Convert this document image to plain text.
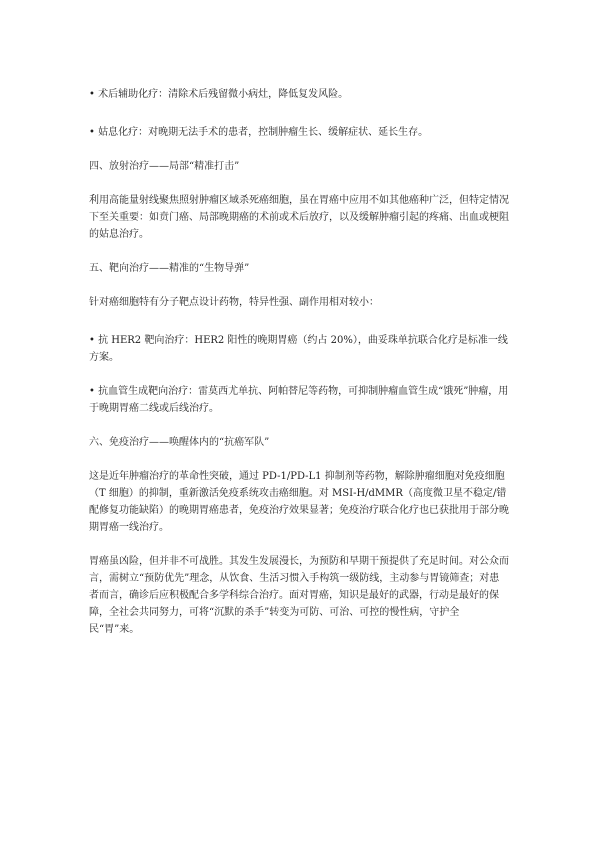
• 术后辅助化疗：清除术后残留微小病灶，降低复发风险。

• 姑息化疗：对晚期无法手术的患者，控制肿瘤生长、缓解症状、延长生存。

四、放射治疗——局部“精准打击”

利用高能量射线聚焦照射肿瘤区域杀死癌细胞，虽在胃癌中应用不如其他癌种广泛，但特定情况下至关重要：如贲门癌、局部晚期癌的术前或术后放疗，以及缓解肿瘤引起的疼痛、出血或梗阻的姑息治疗。

五、靶向治疗——精准的“生物导弹”

针对癌细胞特有分子靶点设计药物，特异性强、副作用相对较小：

• 抗 HER2 靶向治疗：HER2 阳性的晚期胃癌（约占 20%），曲妥珠单抗联合化疗是标准一线方案。

• 抗血管生成靶向治疗：雷莫西尤单抗、阿帕替尼等药物，可抑制肿瘤血管生成“饿死”肿瘤，用于晚期胃癌二线或后线治疗。

六、免疫治疗——唤醒体内的“抗癌军队”

这是近年肿瘤治疗的革命性突破，通过 PD-1/PD-L1 抑制剂等药物，解除肿瘤细胞对免疫细胞（T 细胞）的抑制，重新激活免疫系统攻击癌细胞。对 MSI-H/dMMR（高度微卫星不稳定/错配修复功能缺陷）的晚期胃癌患者，免疫治疗效果显著；免疫治疗联合化疗也已获批用于部分晚期胃癌一线治疗。

胃癌虽凶险，但并非不可战胜。其发生发展漫长，为预防和早期干预提供了充足时间。对公众而言，需树立“预防优先”理念，从饮食、生活习惯入手构筑一级防线，主动参与胃镜筛查；对患者而言，确诊后应积极配合多学科综合治疗。面对胃癌，知识是最好的武器，行动是最好的保障，全社会共同努力，可将“沉默的杀手”转变为可防、可治、可控的慢性病，守护全民“胃”来。
